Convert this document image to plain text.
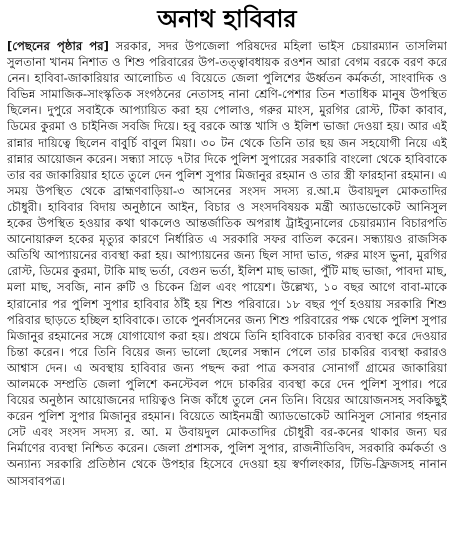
অনাথ হাবিবার

[পেছনের পৃষ্ঠার পর] সরকার, সদর উপজেলা পরিষদের মহিলা ভাইস চেয়ারম্যান তাসলিমা সুলতানা খানম নিশাত ও শিশু পরিবারের উপ-তত্ত্বাবধায়ক রওশন আরা বেগম বরকে বরণ করে নেন। হাবিবা-জাকারিয়ার আলোচিত এ বিয়েতে জেলা পুলিশের ঊর্ধ্বতন কর্মকর্তা, সাংবাদিক ও বিভিন্ন সামাজিক-সাংস্কৃতিক সংগঠনের নেতাসহ নানা শ্রেণি-পেশার তিন শতাধিক মানুষ উপস্থিত ছিলেন। দুপুরে সবাইকে আপ্যায়িত করা হয় পোলাও, গরুর মাংস, মুরগির রোস্ট, টিকা কাবাব, ডিমের কুরমা ও চাইনিজ সবজি দিয়ে। হবু বরকে আস্ত খাসি ও ইলিশ ভাজা দেওয়া হয়। আর এই রান্নার দায়িত্বে ছিলেন বাবুর্চি বাবুল মিয়া। ৩০ টন থেকে তিনি তার ছয় জন সহযোগী নিয়ে এই রান্নার আয়োজন করেন। সন্ধ্যা সাড়ে ৭টার দিকে পুলিশ সুপারের সরকারি বাংলো থেকে হাবিবাকে তার বর জাকারিয়ার হাতে তুলে দেন পুলিশ সুপার মিজানুর রহমান ও তার স্ত্রী ফারহানা রহমান। এ সময় উপস্থিত থেকে ব্রাহ্মণবাড়িয়া-৩ আসনের সংসদ সদস্য র.আ.ম উবায়দুল মোকতাদির চৌধুরী। হাবিবার বিদায় অনুষ্ঠানে আইন, বিচার ও সংসদবিষয়ক মন্ত্রী অ্যাডভোকেট আনিসুল হকের উপস্থিত হওয়ার কথা থাকলেও আন্তর্জাতিক অপরাধ ট্রাইব্যুনালের চেয়ারম্যান বিচারপতি আনোয়ারুল হকের মৃত্যুর কারণে নির্ধারিত এ সরকারি সফর বাতিল করেন। সন্ধ্যায়ও রাজসিক অতিথি আপ্যায়নের ব্যবস্থা করা হয়। আপ্যায়নের জন্য ছিল সাদা ভাত, গরুর মাংস ভুনা, মুরগির রোস্ট, ডিমের কুরমা, টাকি মাছ ভর্তা, বেগুন ভর্তা, ইলিশ মাছ ভাজা, পুঁটি মাছ ভাজা, পাবদা মাছ, মলা মাছ, সবজি, নান রুটি ও চিকেন গ্রিল এবং পায়েশ। উল্লেখ্য, ১০ বছর আগে বাবা-মাকে হারানোর পর পুলিশ সুপার হাবিবার ঠাঁই হয় শিশু পরিবারে। ১৮ বছর পূর্ণ হওয়ায় সরকারি শিশু পরিবার ছাড়তে হচ্ছিল হাবিবাকে। তাকে পুনর্বাসনের জন্য শিশু পরিবারের পক্ষ থেকে পুলিশ সুপার মিজানুর রহমানের সঙ্গে যোগাযোগ করা হয়। প্রথমে তিনি হাবিবাকে চাকরির ব্যবস্থা করে দেওয়ার চিন্তা করেন। পরে তিনি বিয়ের জন্য ভালো ছেলের সন্ধান পেলে তার চাকরির ব্যবস্থা করারও আশ্বাস দেন। এ অবস্থায় হাবিবার জন্য পছন্দ করা পাত্র কসবার সোনাগাঁ গ্রামের জাকারিয়া আলমকে সম্প্রতি জেলা পুলিশে কনস্টেবল পদে চাকরির ব্যবস্থা করে দেন পুলিশ সুপার। পরে বিয়ের অনুষ্ঠান আয়োজনের দায়িত্বও নিজ কাঁধে তুলে নেন তিনি। বিয়ের আয়োজনসহ সবকিছুই করেন পুলিশ সুপার মিজানুর রহমান। বিয়েতে আইনমন্ত্রী অ্যাডভোকেট আনিসুল সোনার গহনার সেট এবং সংসদ সদস্য র. আ. ম উবায়দুল মোকতাদির চৌধুরী বর-কনের থাকার জন্য ঘর নির্মাণের ব্যবস্থা নিশ্চিত করেন। জেলা প্রশাসক, পুলিশ সুপার, রাজনীতিবিদ, সরকারি কর্মকর্তা ও অন্যান্য সরকারি প্রতিষ্ঠান থেকে উপহার হিসেবে দেওয়া হয় স্বর্ণালংকার, টিভি-ফ্রিজসহ নানান আসবাবপত্র।
